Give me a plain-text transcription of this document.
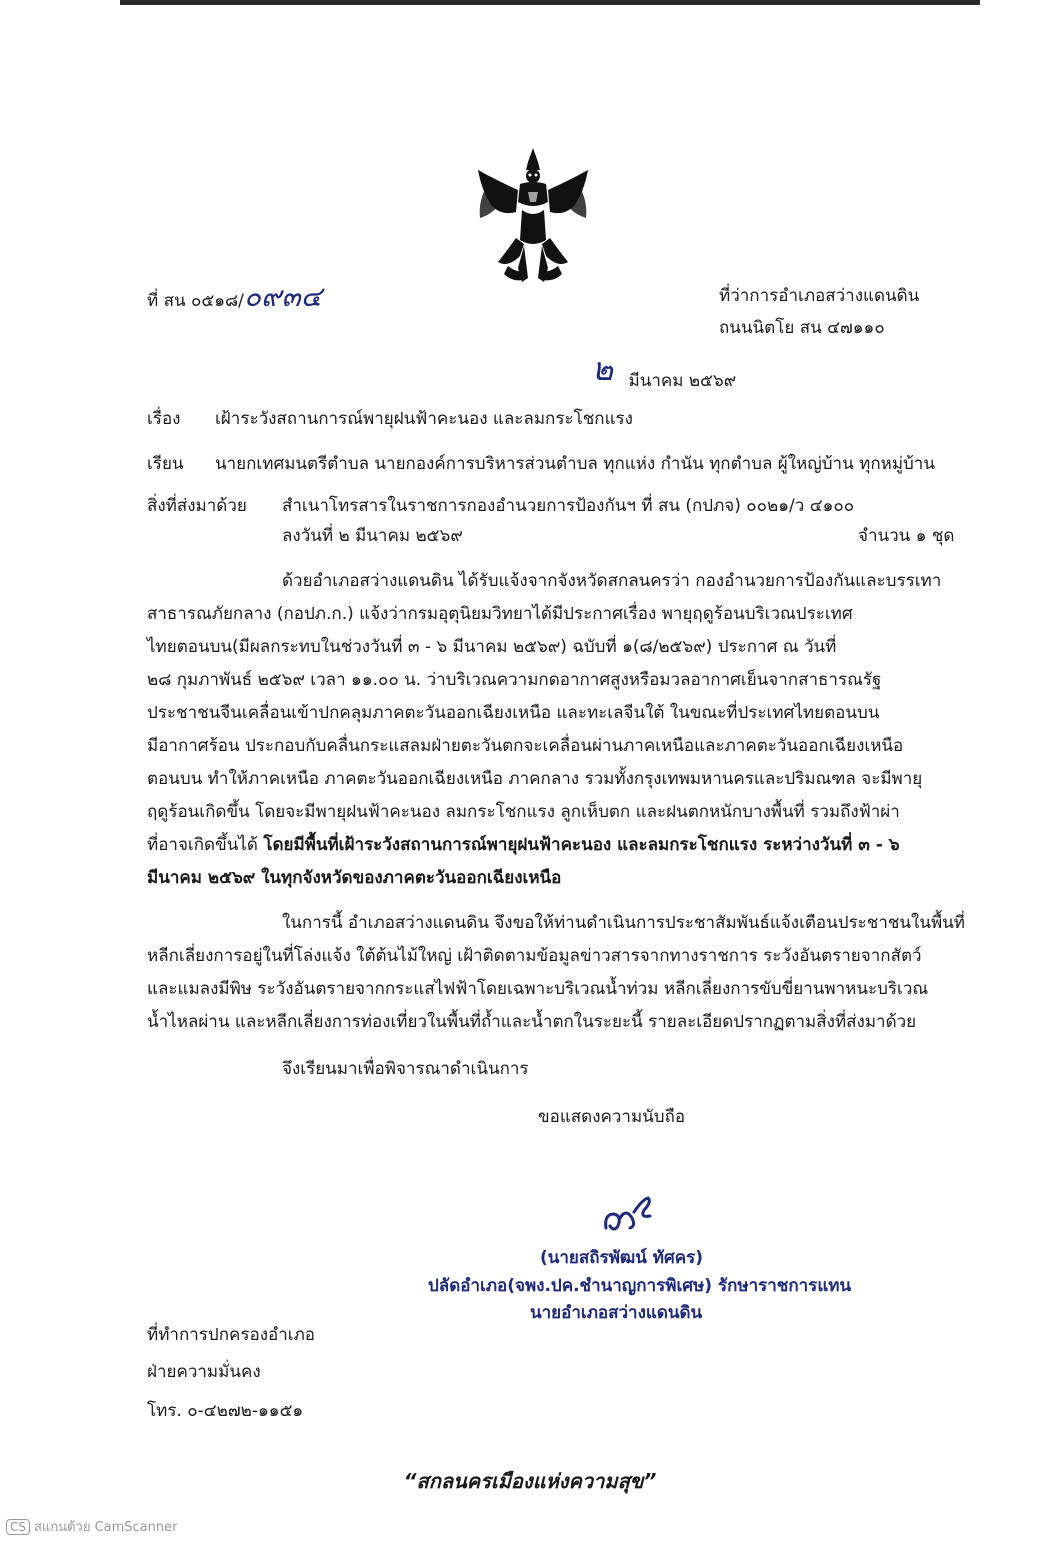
ที่ สน ๐๕๑๘/๐๙๓๔	ที่ว่าการอำเภอสว่างแดนดิน
ถนนนิตโย สน ๔๗๑๑๐
๒ มีนาคม ๒๕๖๙
เรื่อง เฝ้าระวังสถานการณ์พายุฝนฟ้าคะนอง และลมกระโชกแรง
เรียน นายกเทศมนตรีตำบล นายกองค์การบริหารส่วนตำบล ทุกแห่ง กำนัน ทุกตำบล ผู้ใหญ่บ้าน ทุกหมู่บ้าน
สิ่งที่ส่งมาด้วย สำเนาโทรสารในราชการกองอำนวยการป้องกันฯ ที่ สน (กปภจ) ๐๐๒๑/ว ๔๑๐๐
ลงวันที่ ๒ มีนาคม ๒๕๖๙	จำนวน ๑ ชุด
ด้วยอำเภอสว่างแดนดิน ได้รับแจ้งจากจังหวัดสกลนครว่า กองอำนวยการป้องกันและบรรเทา
สาธารณภัยกลาง (กอปภ.ก.) แจ้งว่ากรมอุตุนิยมวิทยาได้มีประกาศเรื่อง พายุฤดูร้อนบริเวณประเทศ
ไทยตอนบน(มีผลกระทบในช่วงวันที่ ๓ - ๖ มีนาคม ๒๕๖๙) ฉบับที่ ๑(๘/๒๕๖๙) ประกาศ ณ วันที่
๒๘ กุมภาพันธ์ ๒๕๖๙ เวลา ๑๑.๐๐ น. ว่าบริเวณความกดอากาศสูงหรือมวลอากาศเย็นจากสาธารณรัฐ
ประชาชนจีนเคลื่อนเข้าปกคลุมภาคตะวันออกเฉียงเหนือ และทะเลจีนใต้ ในขณะที่ประเทศไทยตอนบน
มีอากาศร้อน ประกอบกับคลื่นกระแสลมฝ่ายตะวันตกจะเคลื่อนผ่านภาคเหนือและภาคตะวันออกเฉียงเหนือ
ตอนบน ทำให้ภาคเหนือ ภาคตะวันออกเฉียงเหนือ ภาคกลาง รวมทั้งกรุงเทพมหานครและปริมณฑล จะมีพายุ
ฤดูร้อนเกิดขึ้น โดยจะมีพายุฝนฟ้าคะนอง ลมกระโชกแรง ลูกเห็บตก และฝนตกหนักบางพื้นที่ รวมถึงฟ้าผ่า
ที่อาจเกิดขึ้นได้ โดยมีพื้นที่เฝ้าระวังสถานการณ์พายุฝนฟ้าคะนอง และลมกระโชกแรง ระหว่างวันที่ ๓ - ๖
มีนาคม ๒๕๖๙ ในทุกจังหวัดของภาคตะวันออกเฉียงเหนือ
ในการนี้ อำเภอสว่างแดนดิน จึงขอให้ท่านดำเนินการประชาสัมพันธ์แจ้งเตือนประชาชนในพื้นที่
หลีกเลี่ยงการอยู่ในที่โล่งแจ้ง ใต้ต้นไม้ใหญ่ เฝ้าติดตามข้อมูลข่าวสารจากทางราชการ ระวังอันตรายจากสัตว์
และแมลงมีพิษ ระวังอันตรายจากกระแสไฟฟ้าโดยเฉพาะบริเวณน้ำท่วม หลีกเลี่ยงการขับขี่ยานพาหนะบริเวณ
น้ำไหลผ่าน และหลีกเลี่ยงการท่องเที่ยวในพื้นที่ถ้ำและน้ำตกในระยะนี้ รายละเอียดปรากฏตามสิ่งที่ส่งมาด้วย
จึงเรียนมาเพื่อพิจารณาดำเนินการ
ขอแสดงความนับถือ
(นายสถิรพัฒน์ ทัศคร)
ปลัดอำเภอ(จพง.ปค.ชำนาญการพิเศษ) รักษาราชการแทน
นายอำเภอสว่างแดนดิน
ที่ทำการปกครองอำเภอ
ฝ่ายความมั่นคง
โทร. ๐-๔๒๗๒-๑๑๕๑
“สกลนครเมืองแห่งความสุข”
CS สแกนด้วย CamScanner
